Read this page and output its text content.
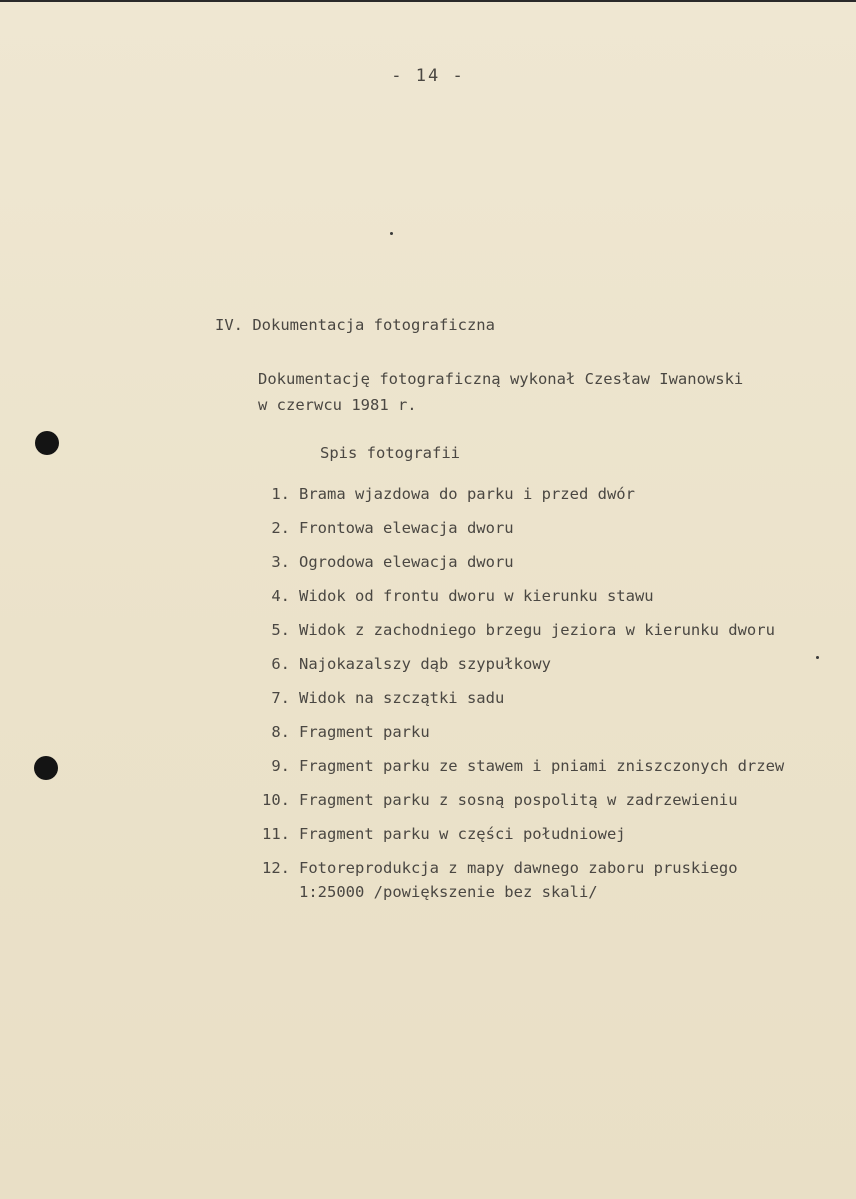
- 14 -
IV. Dokumentacja fotograficzna
Dokumentację fotograficzną wykonał Czesław Iwanowski
w czerwcu 1981 r.
Spis fotografii
1. Brama wjazdowa do parku i przed dwór
2. Frontowa elewacja dworu
3. Ogrodowa elewacja dworu
4. Widok od frontu dworu w kierunku stawu
5. Widok z zachodniego brzegu jeziora w kierunku dworu
6. Najokazalszy dąb szypułkowy
7. Widok na szczątki sadu
8. Fragment parku
9. Fragment parku ze stawem i pniami zniszczonych drzew
10. Fragment parku z sosną pospolitą w zadrzewieniu
11. Fragment parku w części południowej
12. Fotoreprodukcja z mapy dawnego zaboru pruskiego
1:25000 /powiększenie bez skali/
